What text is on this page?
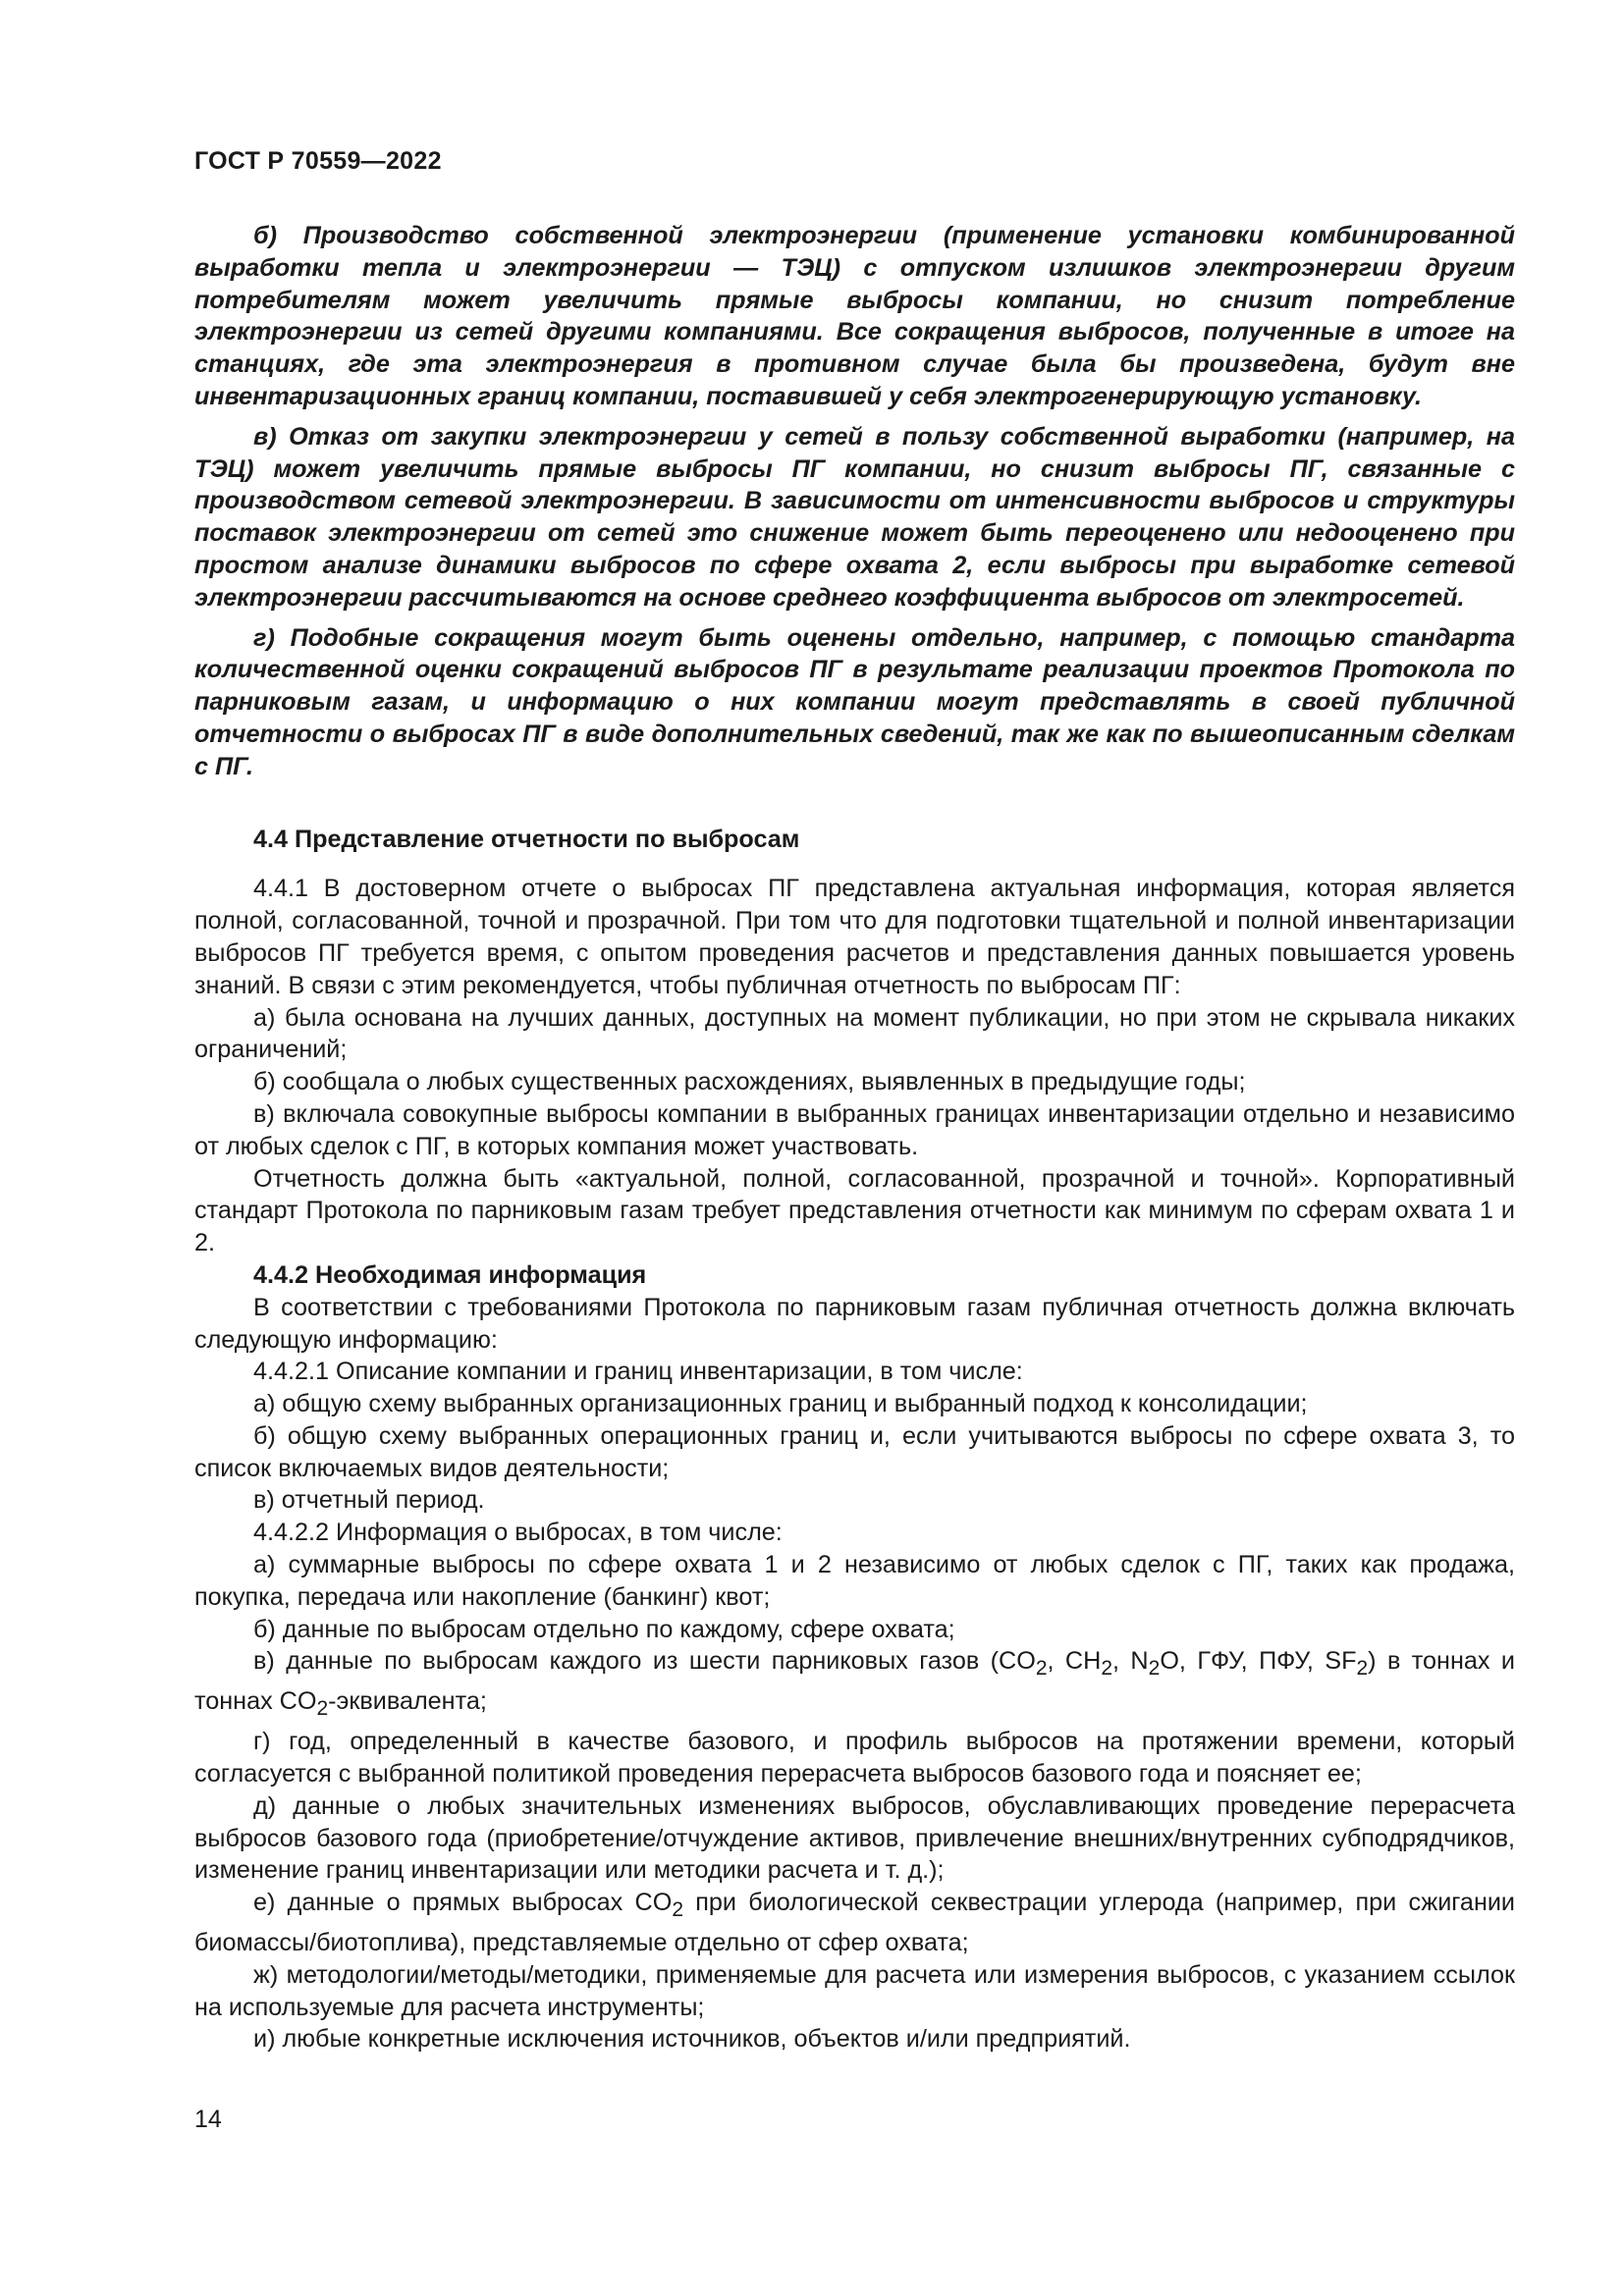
ГОСТ Р 70559—2022

б) Производство собственной электроэнергии (применение установки комбинированной выработки тепла и электроэнергии — ТЭЦ) с отпуском излишков электроэнергии другим потребителям может увеличить прямые выбросы компании, но снизит потребление электроэнергии из сетей другими компаниями. Все сокращения выбросов, полученные в итоге на станциях, где эта электроэнергия в противном случае была бы произведена, будут вне инвентаризационных границ компании, поставившей у себя электрогенерирующую установку.

в) Отказ от закупки электроэнергии у сетей в пользу собственной выработки (например, на ТЭЦ) может увеличить прямые выбросы ПГ компании, но снизит выбросы ПГ, связанные с производством сетевой электроэнергии. В зависимости от интенсивности выбросов и структуры поставок электроэнергии от сетей это снижение может быть переоценено или недооценено при простом анализе динамики выбросов по сфере охвата 2, если выбросы при выработке сетевой электроэнергии рассчитываются на основе среднего коэффициента выбросов от электросетей.

г) Подобные сокращения могут быть оценены отдельно, например, с помощью стандарта количественной оценки сокращений выбросов ПГ в результате реализации проектов Протокола по парниковым газам, и информацию о них компании могут представлять в своей публичной отчетности о выбросах ПГ в виде дополнительных сведений, так же как по вышеописанным сделкам с ПГ.

4.4 Представление отчетности по выбросам

4.4.1 В достоверном отчете о выбросах ПГ представлена актуальная информация, которая является полной, согласованной, точной и прозрачной. При том что для подготовки тщательной и полной инвентаризации выбросов ПГ требуется время, с опытом проведения расчетов и представления данных повышается уровень знаний. В связи с этим рекомендуется, чтобы публичная отчетность по выбросам ПГ:

а) была основана на лучших данных, доступных на момент публикации, но при этом не скрывала никаких ограничений;

б) сообщала о любых существенных расхождениях, выявленных в предыдущие годы;

в) включала совокупные выбросы компании в выбранных границах инвентаризации отдельно и независимо от любых сделок с ПГ, в которых компания может участвовать.

Отчетность должна быть «актуальной, полной, согласованной, прозрачной и точной». Корпоративный стандарт Протокола по парниковым газам требует представления отчетности как минимум по сферам охвата 1 и 2.

4.4.2 Необходимая информация

В соответствии с требованиями Протокола по парниковым газам публичная отчетность должна включать следующую информацию:

4.4.2.1 Описание компании и границ инвентаризации, в том числе:

а) общую схему выбранных организационных границ и выбранный подход к консолидации;

б) общую схему выбранных операционных границ и, если учитываются выбросы по сфере охвата 3, то список включаемых видов деятельности;

в) отчетный период.

4.4.2.2 Информация о выбросах, в том числе:

а) суммарные выбросы по сфере охвата 1 и 2 независимо от любых сделок с ПГ, таких как продажа, покупка, передача или накопление (банкинг) квот;

б) данные по выбросам отдельно по каждому, сфере охвата;

в) данные по выбросам каждого из шести парниковых газов ($CO_2$, $CH_2$, $N_2O$, ГФУ, ПФУ, $SF_2$) в тоннах и тоннах $CO_2$-эквивалента;

г) год, определенный в качестве базового, и профиль выбросов на протяжении времени, который согласуется с выбранной политикой проведения перерасчета выбросов базового года и поясняет ее;

д) данные о любых значительных изменениях выбросов, обуславливающих проведение перерасчета выбросов базового года (приобретение/отчуждение активов, привлечение внешних/внутренних субподрядчиков, изменение границ инвентаризации или методики расчета и т. д.);

е) данные о прямых выбросах $CO_2$ при биологической секвестрации углерода (например, при сжигании биомассы/биотоплива), представляемые отдельно от сфер охвата;

ж) методологии/методы/методики, применяемые для расчета или измерения выбросов, с указанием ссылок на используемые для расчета инструменты;

и) любые конкретные исключения источников, объектов и/или предприятий.

14
